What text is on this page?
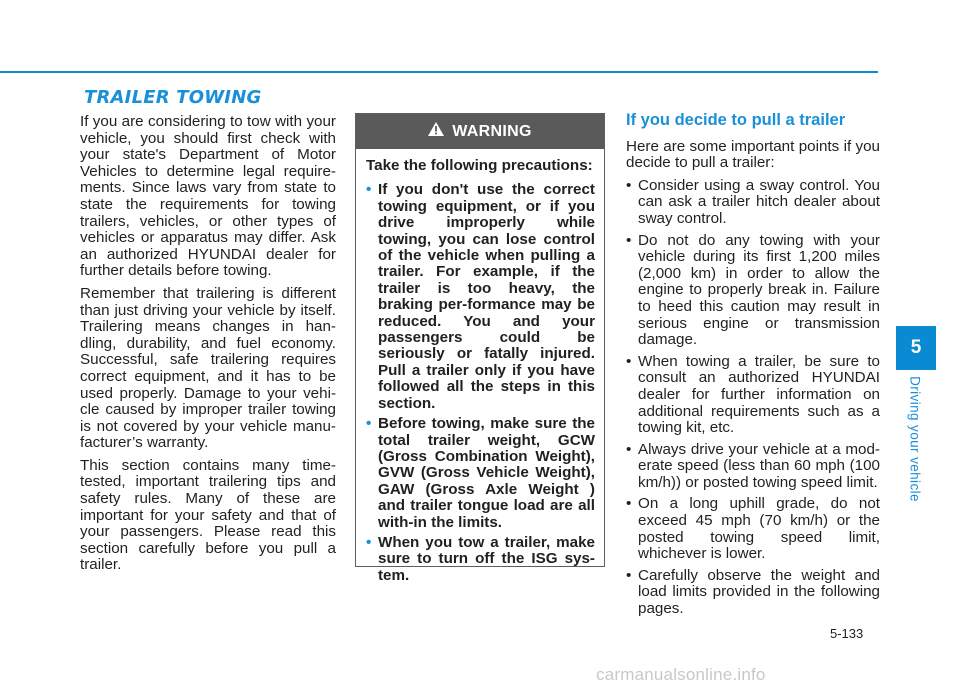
TRAILER TOWING

If you are considering to tow with your vehicle, you should first check with your state's Department of Motor Vehicles to determine legal require-ments. Since laws vary from state to state the requirements for towing trailers, vehicles, or other types of vehicles or apparatus may differ. Ask an authorized HYUNDAI dealer for further details before towing.

Remember that trailering is different than just driving your vehicle by itself. Trailering means changes in han-dling, durability, and fuel economy. Successful, safe trailering requires correct equipment, and it has to be used properly. Damage to your vehi-cle caused by improper trailer towing is not covered by your vehicle manu-facturer’s warranty.

This section contains many time-tested, important trailering tips and safety rules. Many of these are important for your safety and that of your passengers. Please read this section carefully before you pull a trailer.

WARNING

Take the following precautions:

• If you don't use the correct towing equipment, or if you drive improperly while towing, you can lose control of the vehicle when pulling a trailer. For example, if the trailer is too heavy, the braking per-formance may be reduced. You and your passengers could be seriously or fatally injured. Pull a trailer only if you have followed all the steps in this section.
• Before towing, make sure the total trailer weight, GCW (Gross Combination Weight), GVW (Gross Vehicle Weight), GAW (Gross Axle Weight ) and trailer tongue load are all with-in the limits.
• When you tow a trailer, make sure to turn off the ISG sys-tem.
If you decide to pull a trailer

Here are some important points if you decide to pull a trailer:

• Consider using a sway control. You can ask a trailer hitch dealer about sway control.
• Do not do any towing with your vehicle during its first 1,200 miles (2,000 km) in order to allow the engine to properly break in. Failure to heed this caution may result in serious engine or transmission damage.
• When towing a trailer, be sure to consult an authorized HYUNDAI dealer for further information on additional requirements such as a towing kit, etc.
• Always drive your vehicle at a mod-erate speed (less than 60 mph (100 km/h)) or posted towing speed limit.
• On a long uphill grade, do not exceed 45 mph (70 km/h) or the posted towing speed limit, whichever is lower.
• Carefully observe the weight and load limits provided in the following pages.
5
Driving your vehicle
5-133
carmanualsonline.info
